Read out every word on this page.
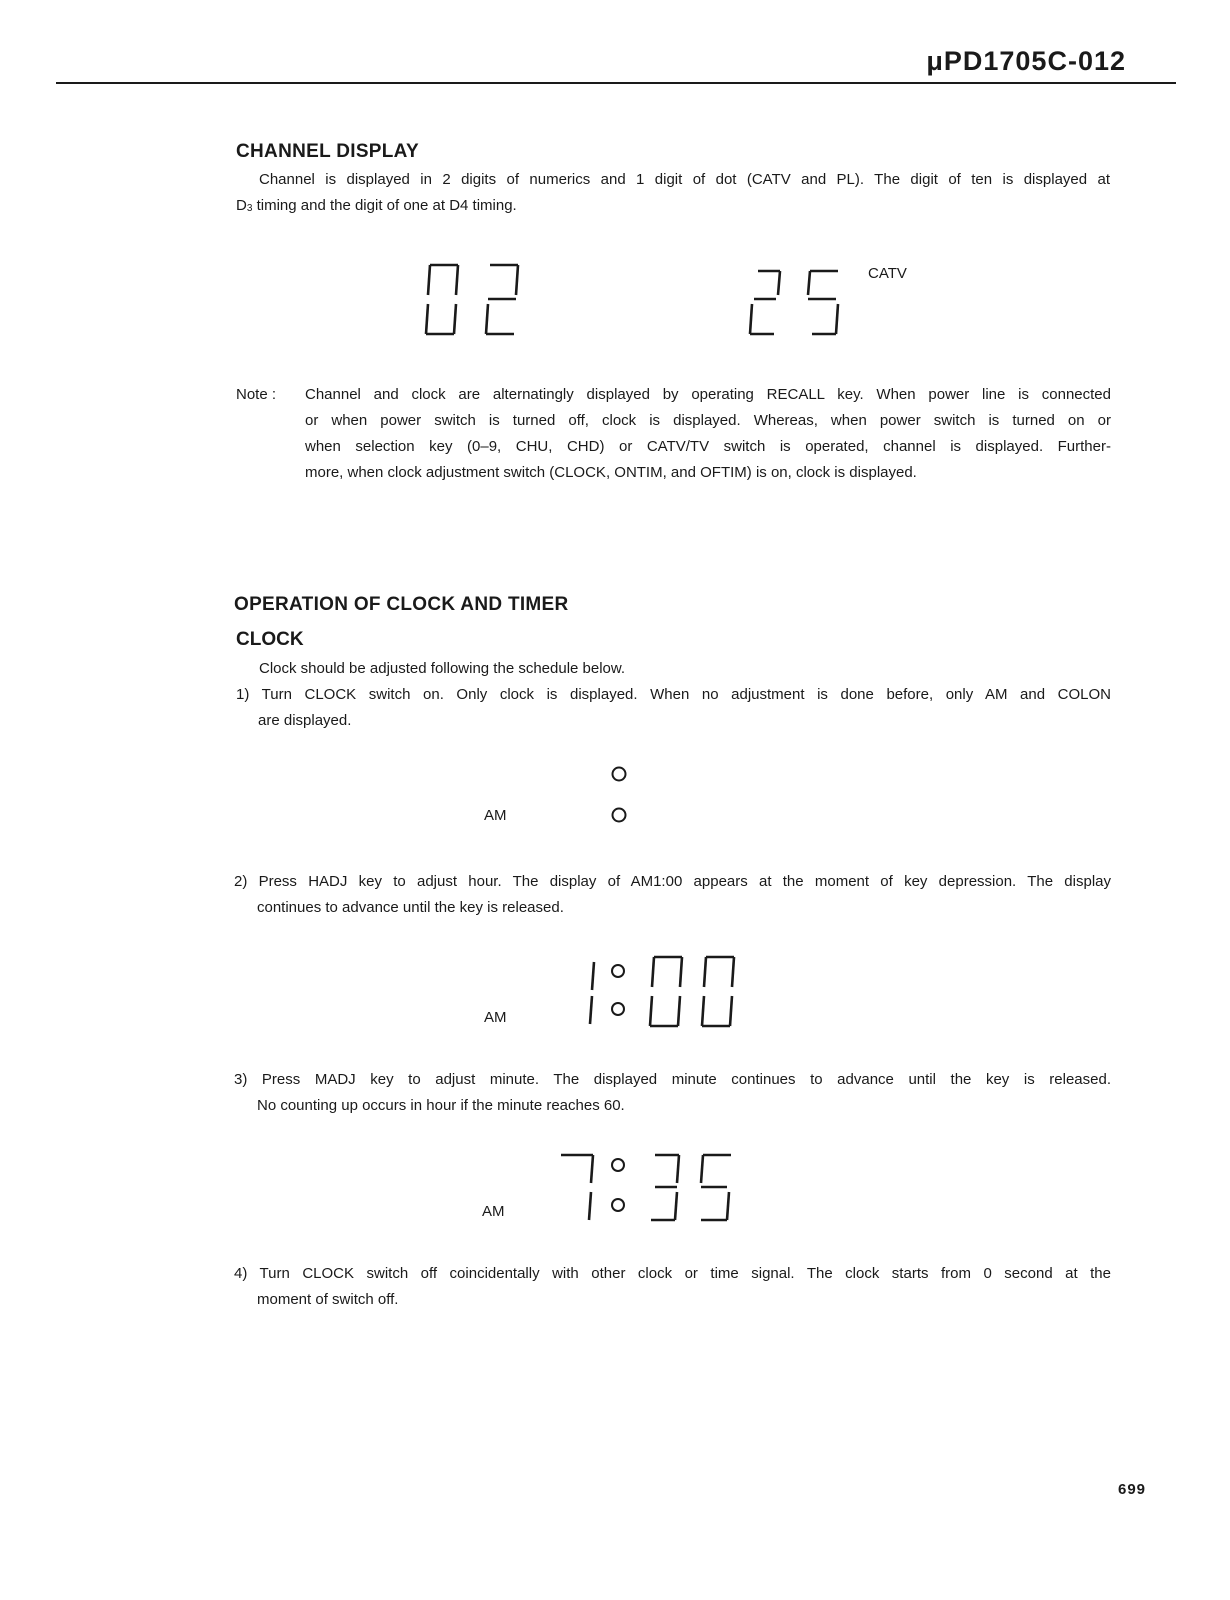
μPD1705C-012
CHANNEL DISPLAY
Channel is displayed in 2 digits of numerics and 1 digit of dot (CATV and PL). The digit of ten is displayed at
$D_3$ timing and the digit of one at D4 timing.
CATV
Note : Channel and clock are alternatingly displayed by operating RECALL key. When power line is connected
or when power switch is turned off, clock is displayed. Whereas, when power switch is turned on or
when selection key (0–9, CHU, CHD) or CATV/TV switch is operated, channel is displayed. Further-
more, when clock adjustment switch (CLOCK, ONTIM, and OFTIM) is on, clock is displayed.
OPERATION OF CLOCK AND TIMER
CLOCK
Clock should be adjusted following the schedule below.
1) Turn CLOCK switch on. Only clock is displayed. When no adjustment is done before, only AM and COLON
are displayed.
AM
2) Press HADJ key to adjust hour. The display of AM1:00 appears at the moment of key depression. The display
continues to advance until the key is released.
AM
3) Press MADJ key to adjust minute. The displayed minute continues to advance until the key is released.
No counting up occurs in hour if the minute reaches 60.
AM
4) Turn CLOCK switch off coincidentally with other clock or time signal. The clock starts from 0 second at the
moment of switch off.
699
